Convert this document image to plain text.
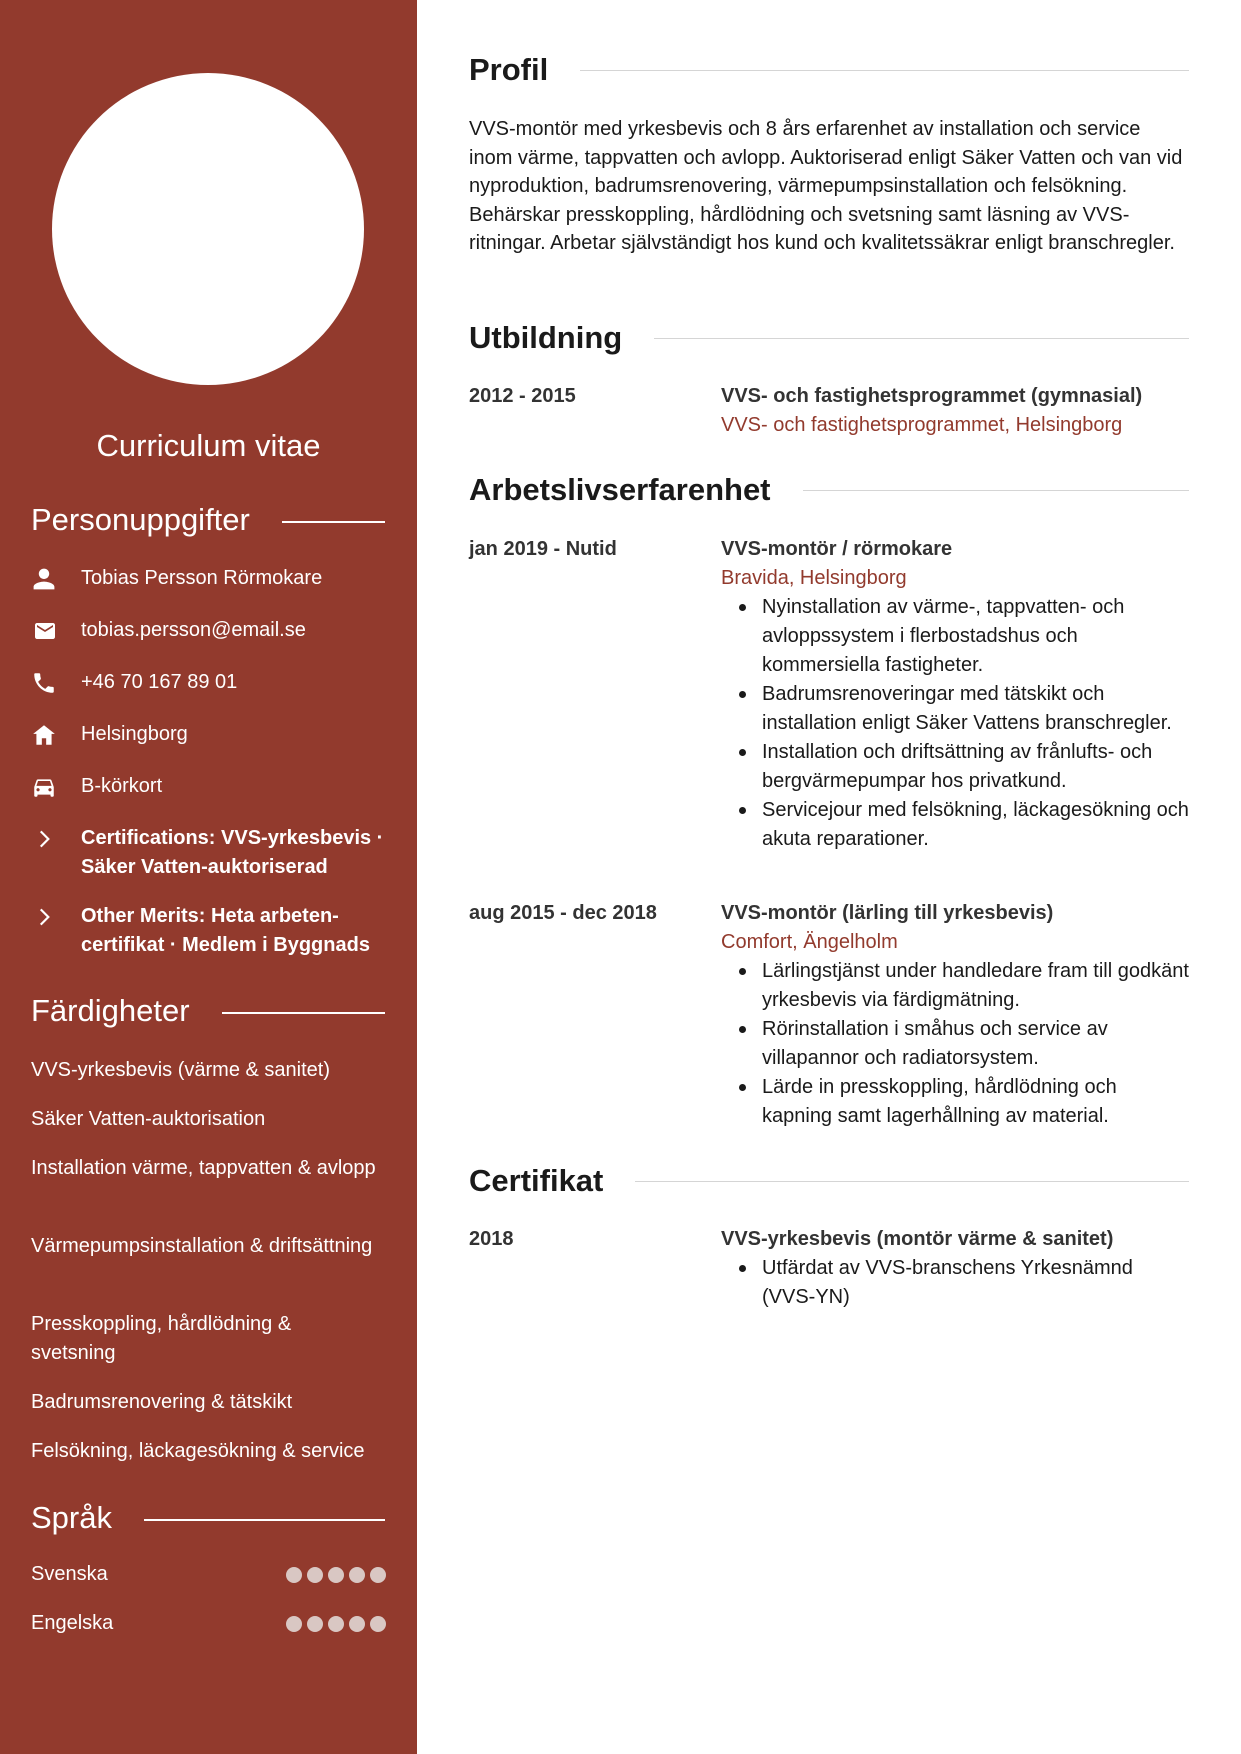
Curriculum vitae
Personuppgifter
Tobias Persson Rörmokare
tobias.persson@email.se
+46 70 167 89 01
Helsingborg
B-körkort
Certifications: VVS-yrkesbevis · Säker Vatten-auktoriserad
Other Merits: Heta arbeten-certifikat · Medlem i Byggnads
Färdigheter
VVS-yrkesbevis (värme & sanitet)
Säker Vatten-auktorisation
Installation värme, tappvatten & avlopp
Värmepumpsinstallation & driftsättning
Presskoppling, hårdlödning & svetsning
Badrumsrenovering & tätskikt
Felsökning, läckagesökning & service
Språk
Svenska
Engelska
Profil
VVS-montör med yrkesbevis och 8 års erfarenhet av installation och service inom värme, tappvatten och avlopp. Auktoriserad enligt Säker Vatten och van vid nyproduktion, badrumsrenovering, värmepumpsinstallation och felsökning. Behärskar presskoppling, hårdlödning och svetsning samt läsning av VVS-ritningar. Arbetar självständigt hos kund och kvalitetssäkrar enligt branschregler.
Utbildning
2012 - 2015	VVS- och fastighetsprogrammet (gymnasial)
VVS- och fastighetsprogrammet, Helsingborg
Arbetslivserfarenhet
jan 2019 - Nutid	VVS-montör / rörmokare
Bravida, Helsingborg
Nyinstallation av värme-, tappvatten- och avloppssystem i flerbostadshus och kommersiella fastigheter.
Badrumsrenoveringar med tätskikt och installation enligt Säker Vattens branschregler.
Installation och driftsättning av frånlufts- och bergvärmepumpar hos privatkund.
Servicejour med felsökning, läckagesökning och akuta reparationer.
aug 2015 - dec 2018	VVS-montör (lärling till yrkesbevis)
Comfort, Ängelholm
Lärlingstjänst under handledare fram till godkänt yrkesbevis via färdigmätning.
Rörinstallation i småhus och service av villapannor och radiatorsystem.
Lärde in presskoppling, hårdlödning och kapning samt lagerhållning av material.
Certifikat
2018	VVS-yrkesbevis (montör värme & sanitet)
Utfärdat av VVS-branschens Yrkesnämnd (VVS-YN)
